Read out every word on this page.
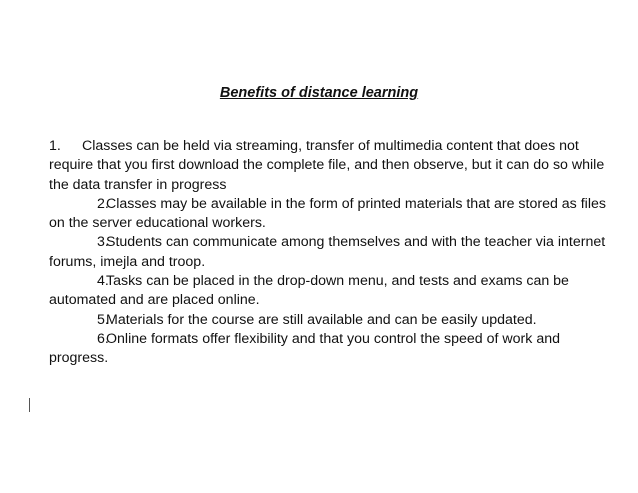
Benefits of distance learning

1. Classes can be held via streaming, transfer of multimedia content that does not require that you first download the complete file, and then observe, but it can do so while the data transfer in progress

2.Classes may be available in the form of printed materials that are stored as files on the server educational workers.

3.Students can communicate among themselves and with the teacher via internet forums, imejla and troop.

4.Tasks can be placed in the drop-down menu, and tests and exams can be automated and are placed online.

5.Materials for the course are still available and can be easily updated.

6.Online formats offer flexibility and that you control the speed of work and progress.
